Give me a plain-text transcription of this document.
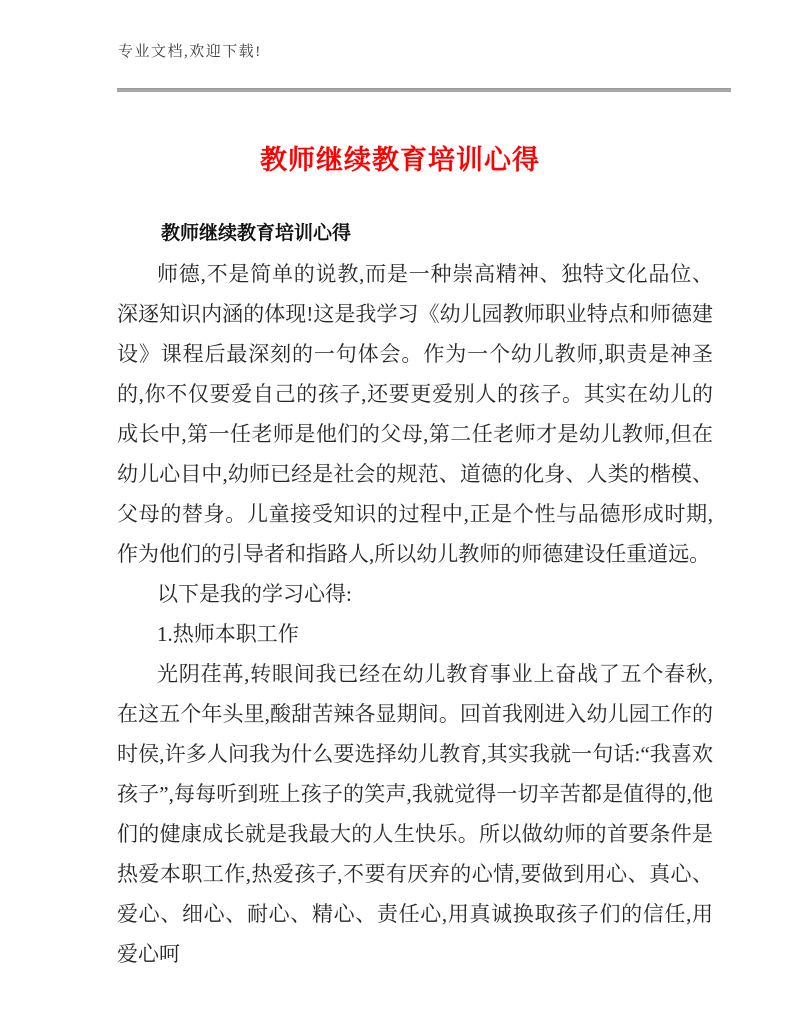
专业文档,欢迎下载!
教师继续教育培训心得
教师继续教育培训心得

师德,不是简单的说教,而是一种崇高精神、独特文化品位、深逐知识内涵的体现!这是我学习《幼儿园教师职业特点和师德建设》课程后最深刻的一句体会。作为一个幼儿教师,职责是神圣的,你不仅要爱自己的孩子,还要更爱别人的孩子。其实在幼儿的成长中,第一任老师是他们的父母,第二任老师才是幼儿教师,但在幼儿心目中,幼师已经是社会的规范、道德的化身、人类的楷模、父母的替身。儿童接受知识的过程中,正是个性与品德形成时期,作为他们的引导者和指路人,所以幼儿教师的师德建设任重道远。

以下是我的学习心得:

1.热师本职工作

光阴荏苒,转眼间我已经在幼儿教育事业上奋战了五个春秋,在这五个年头里,酸甜苦辣各显期间。回首我刚进入幼儿园工作的时侯,许多人问我为什么要选择幼儿教育,其实我就一句话:“我喜欢孩子”,每每听到班上孩子的笑声,我就觉得一切辛苦都是值得的,他们的健康成长就是我最大的人生快乐。所以做幼师的首要条件是热爱本职工作,热爱孩子,不要有厌弃的心情,要做到用心、真心、爱心、细心、耐心、精心、责任心,用真诚换取孩子们的信任,用爱心呵
